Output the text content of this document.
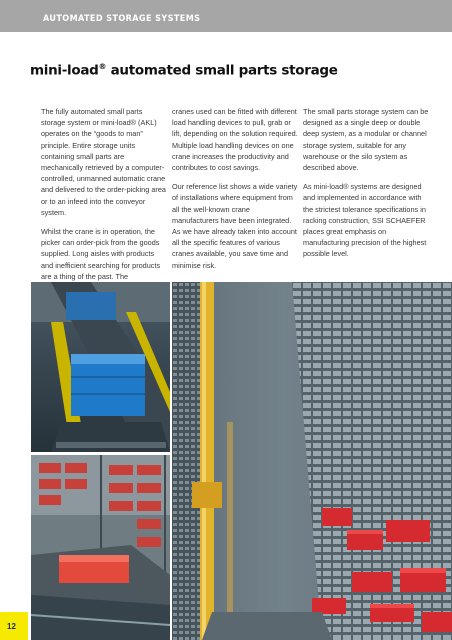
AUTOMATED STORAGE SYSTEMS
mini-load® automated small parts storage

The fully automated small parts storage system or mini-load® (AKL) operates on the “goods to man” principle. Entire storage units containing small parts are mechanically retrieved by a computer-controlled, unmanned automatic crane and delivered to the order-picking area or to an infeed into the conveyor system.

Whilst the crane is in operation, the picker can order-pick from the goods supplied. Long aisles with products and inefficient searching for products are a thing of the past. The

cranes used can be fitted with different load handling devices to pull, grab or lift, depending on the solution required. Multiple load handling devices on one crane increases the productivity and contributes to cost savings.

Our reference list shows a wide variety of installations where equipment from all the well-known crane manufacturers have been integrated. As we have already taken into account all the specific features of various cranes available, you save time and minimise risk.

The small parts storage system can be designed as a single deep or double deep system, as a modular or channel storage system, suitable for any warehouse or the silo system as described above.

As mini-load® systems are designed and implemented in accordance with the strictest tolerance specifications in racking construction, SSI SCHAEFER places great emphasis on manufacturing precision of the highest possible level.

12
